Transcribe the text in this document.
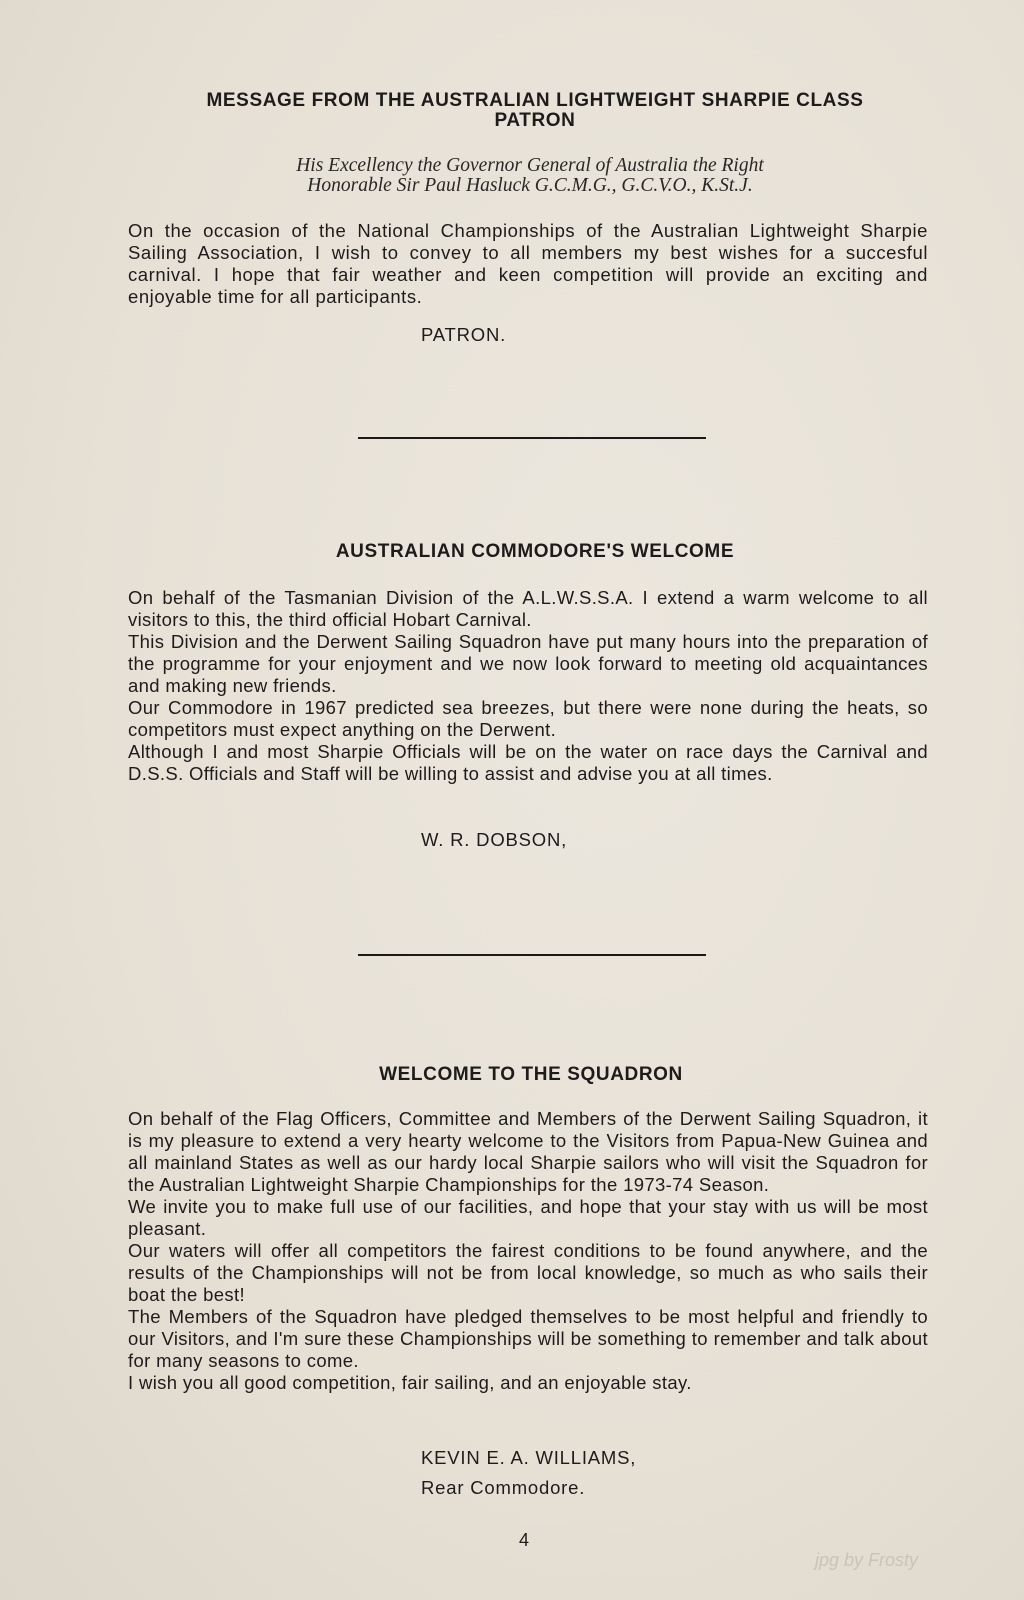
MESSAGE FROM THE AUSTRALIAN LIGHTWEIGHT SHARPIE CLASS
PATRON
His Excellency the Governor General of Australia the Right
Honorable Sir Paul Hasluck G.C.M.G., G.C.V.O., K.St.J.

On the occasion of the National Championships of the Australian Lightweight Sharpie Sailing Association, I wish to convey to all members my best wishes for a succesful carnival. I hope that fair weather and keen competition will provide an exciting and enjoyable time for all participants.

PATRON.
AUSTRALIAN COMMODORE'S WELCOME

On behalf of the Tasmanian Division of the A.L.W.S.S.A. I extend a warm welcome to all visitors to this, the third official Hobart Carnival.

This Division and the Derwent Sailing Squadron have put many hours into the preparation of the programme for your enjoyment and we now look forward to meeting old acquaintances and making new friends.

Our Commodore in 1967 predicted sea breezes, but there were none during the heats, so competitors must expect anything on the Derwent.

Although I and most Sharpie Officials will be on the water on race days the Carnival and D.S.S. Officials and Staff will be willing to assist and advise you at all times.

W. R. DOBSON,
WELCOME TO THE SQUADRON

On behalf of the Flag Officers, Committee and Members of the Derwent Sailing Squadron, it is my pleasure to extend a very hearty welcome to the Visitors from Papua-New Guinea and all mainland States as well as our hardy local Sharpie sailors who will visit the Squadron for the Australian Lightweight Sharpie Championships for the 1973-74 Season.

We invite you to make full use of our facilities, and hope that your stay with us will be most pleasant.

Our waters will offer all competitors the fairest conditions to be found anywhere, and the results of the Championships will not be from local knowledge, so much as who sails their boat the best!

The Members of the Squadron have pledged themselves to be most helpful and friendly to our Visitors, and I'm sure these Championships will be something to remember and talk about for many seasons to come.

I wish you all good competition, fair sailing, and an enjoyable stay.

KEVIN E. A. WILLIAMS,
Rear Commodore.
4
jpg by Frosty
